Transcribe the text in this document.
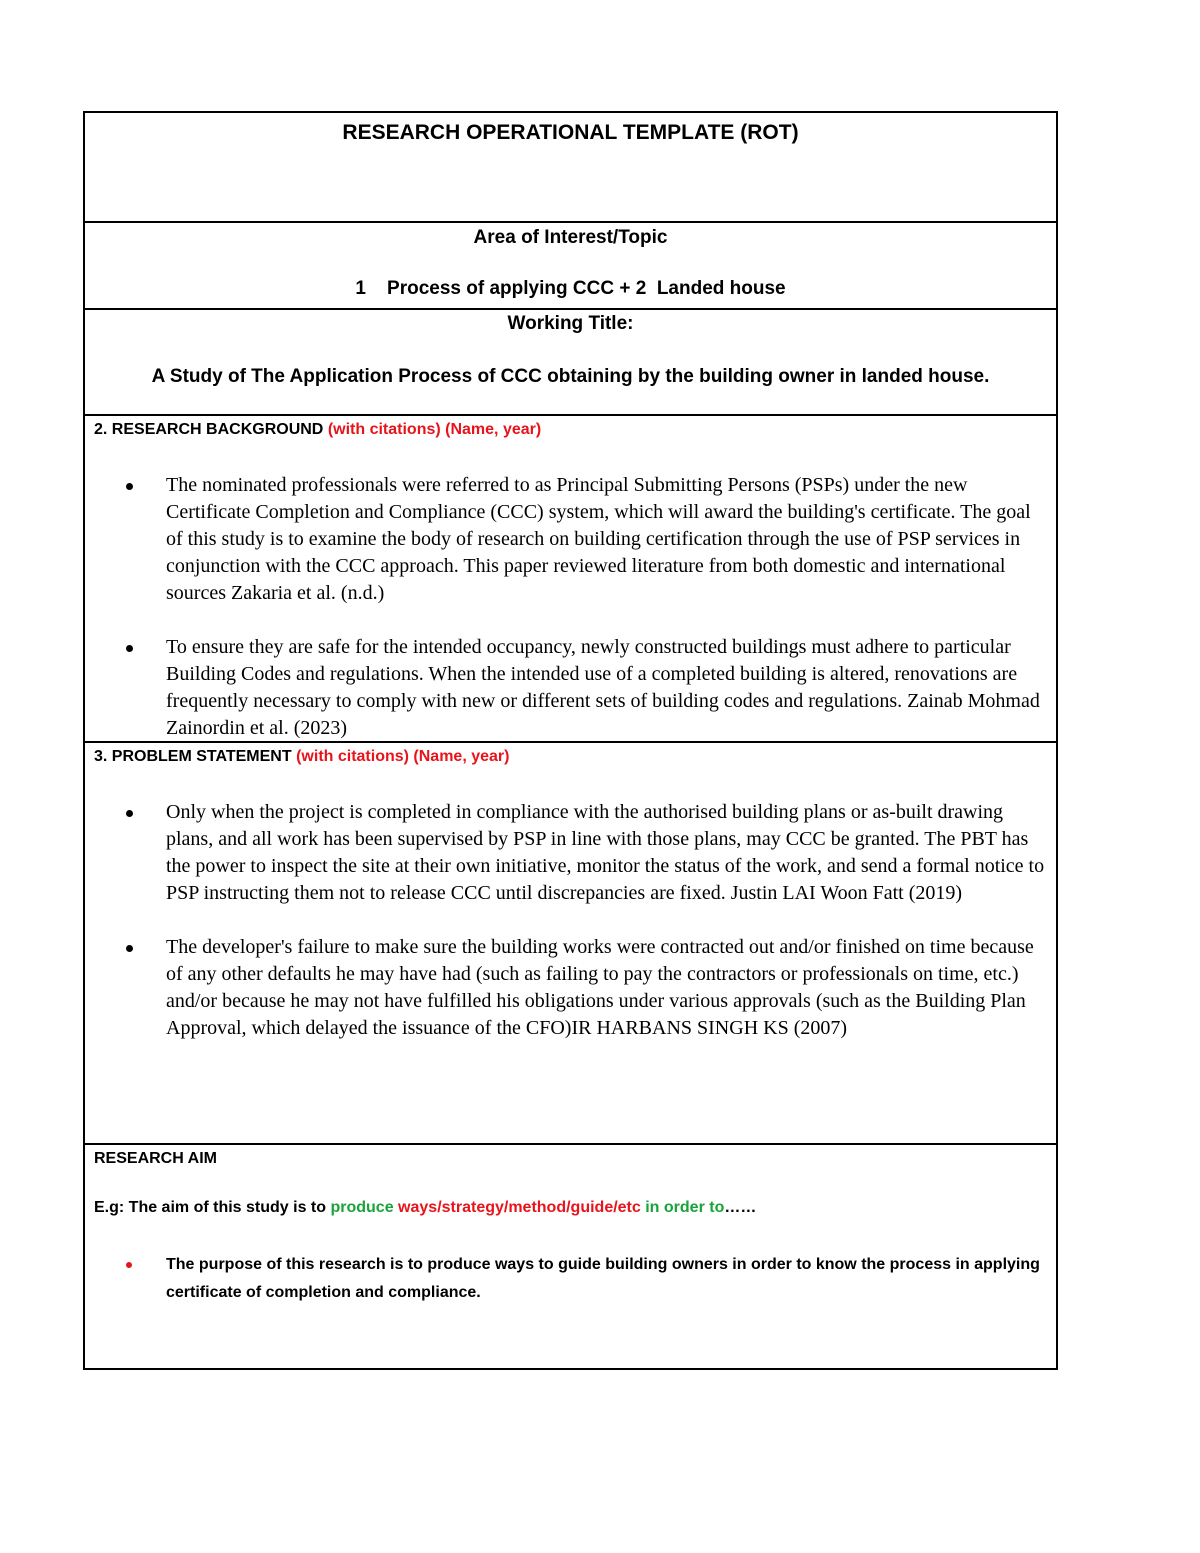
RESEARCH OPERATIONAL TEMPLATE (ROT)
Area of Interest/Topic
1    Process of applying CCC + 2  Landed house
Working Title:
A Study of The Application Process of CCC obtaining by the building owner in landed house.
2. RESEARCH BACKGROUND (with citations) (Name, year)
The nominated professionals were referred to as Principal Submitting Persons (PSPs) under the new Certificate Completion and Compliance (CCC) system, which will award the building's certificate. The goal of this study is to examine the body of research on building certification through the use of PSP services in conjunction with the CCC approach. This paper reviewed literature from both domestic and international sources Zakaria et al. (n.d.)
To ensure they are safe for the intended occupancy, newly constructed buildings must adhere to particular Building Codes and regulations. When the intended use of a completed building is altered, renovations are frequently necessary to comply with new or different sets of building codes and regulations. Zainab Mohmad Zainordin et al. (2023)
3. PROBLEM STATEMENT (with citations) (Name, year)
Only when the project is completed in compliance with the authorised building plans or as-built drawing plans, and all work has been supervised by PSP in line with those plans, may CCC be granted. The PBT has the power to inspect the site at their own initiative, monitor the status of the work, and send a formal notice to PSP instructing them not to release CCC until discrepancies are fixed. Justin LAI Woon Fatt (2019)
The developer's failure to make sure the building works were contracted out and/or finished on time because of any other defaults he may have had (such as failing to pay the contractors or professionals on time, etc.) and/or because he may not have fulfilled his obligations under various approvals (such as the Building Plan Approval, which delayed the issuance of the CFO)IR HARBANS SINGH KS (2007)
RESEARCH AIM
E.g: The aim of this study is to produce ways/strategy/method/guide/etc in order to……
The purpose of this research is to produce ways to guide building owners in order to know the process in applying certificate of completion and compliance.
